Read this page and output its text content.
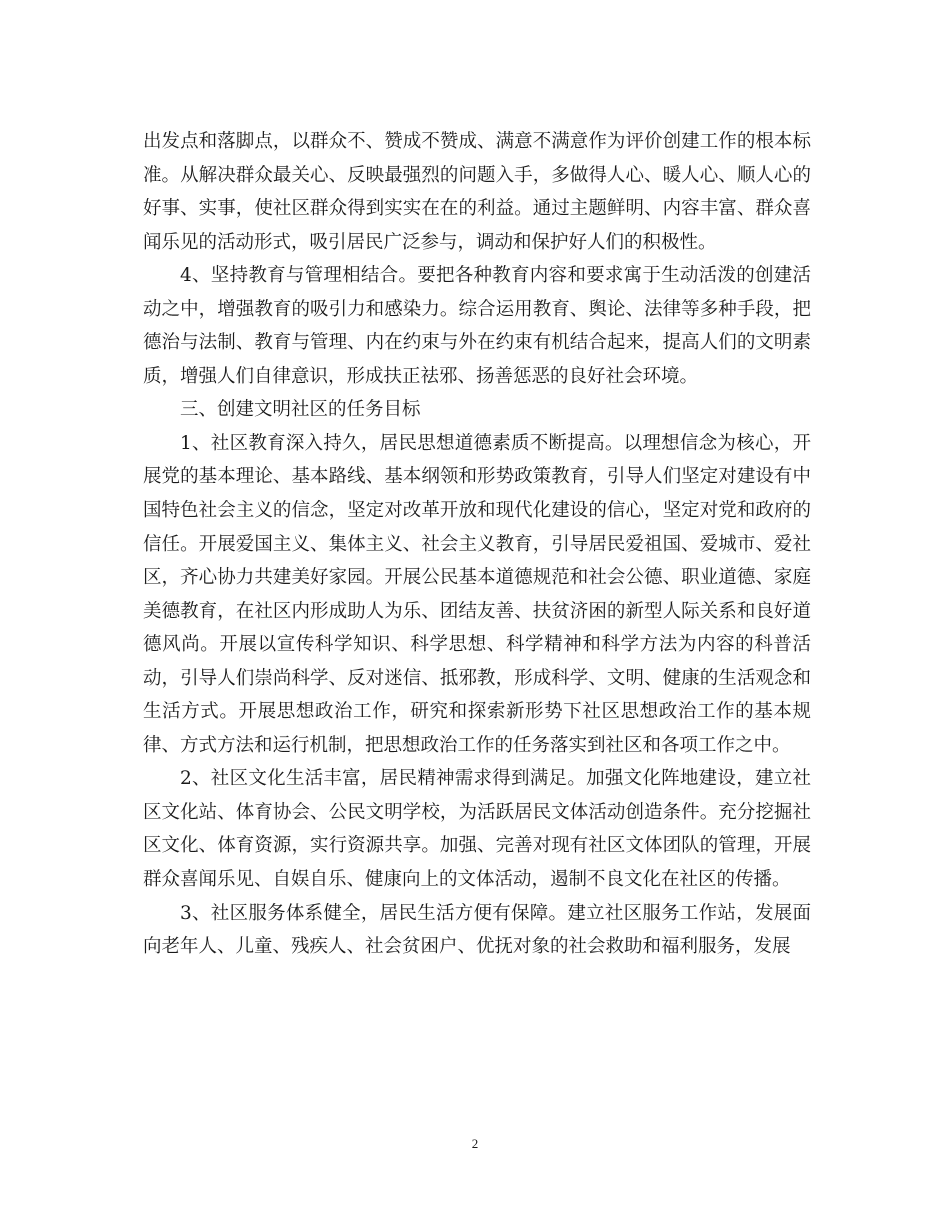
出发点和落脚点，以群众不、赞成不赞成、满意不满意作为评价创建工作的根本标准。从解决群众最关心、反映最强烈的问题入手，多做得人心、暖人心、顺人心的好事、实事，使社区群众得到实实在在的利益。通过主题鲜明、内容丰富、群众喜闻乐见的活动形式，吸引居民广泛参与，调动和保护好人们的积极性。

4、坚持教育与管理相结合。要把各种教育内容和要求寓于生动活泼的创建活动之中，增强教育的吸引力和感染力。综合运用教育、舆论、法律等多种手段，把德治与法制、教育与管理、内在约束与外在约束有机结合起来，提高人们的文明素质，增强人们自律意识，形成扶正祛邪、扬善惩恶的良好社会环境。

三、创建文明社区的任务目标

1、社区教育深入持久，居民思想道德素质不断提高。以理想信念为核心，开展党的基本理论、基本路线、基本纲领和形势政策教育，引导人们坚定对建设有中国特色社会主义的信念，坚定对改革开放和现代化建设的信心，坚定对党和政府的信任。开展爱国主义、集体主义、社会主义教育，引导居民爱祖国、爱城市、爱社区，齐心协力共建美好家园。开展公民基本道德规范和社会公德、职业道德、家庭美德教育，在社区内形成助人为乐、团结友善、扶贫济困的新型人际关系和良好道德风尚。开展以宣传科学知识、科学思想、科学精神和科学方法为内容的科普活动，引导人们崇尚科学、反对迷信、抵邪教，形成科学、文明、健康的生活观念和生活方式。开展思想政治工作，研究和探索新形势下社区思想政治工作的基本规律、方式方法和运行机制，把思想政治工作的任务落实到社区和各项工作之中。

2、社区文化生活丰富，居民精神需求得到满足。加强文化阵地建设，建立社区文化站、体育协会、公民文明学校，为活跃居民文体活动创造条件。充分挖掘社区文化、体育资源，实行资源共享。加强、完善对现有社区文体团队的管理，开展群众喜闻乐见、自娱自乐、健康向上的文体活动，遏制不良文化在社区的传播。

3、社区服务体系健全，居民生活方便有保障。建立社区服务工作站，发展面向老年人、儿童、残疾人、社会贫困户、优抚对象的社会救助和福利服务，发展

2
